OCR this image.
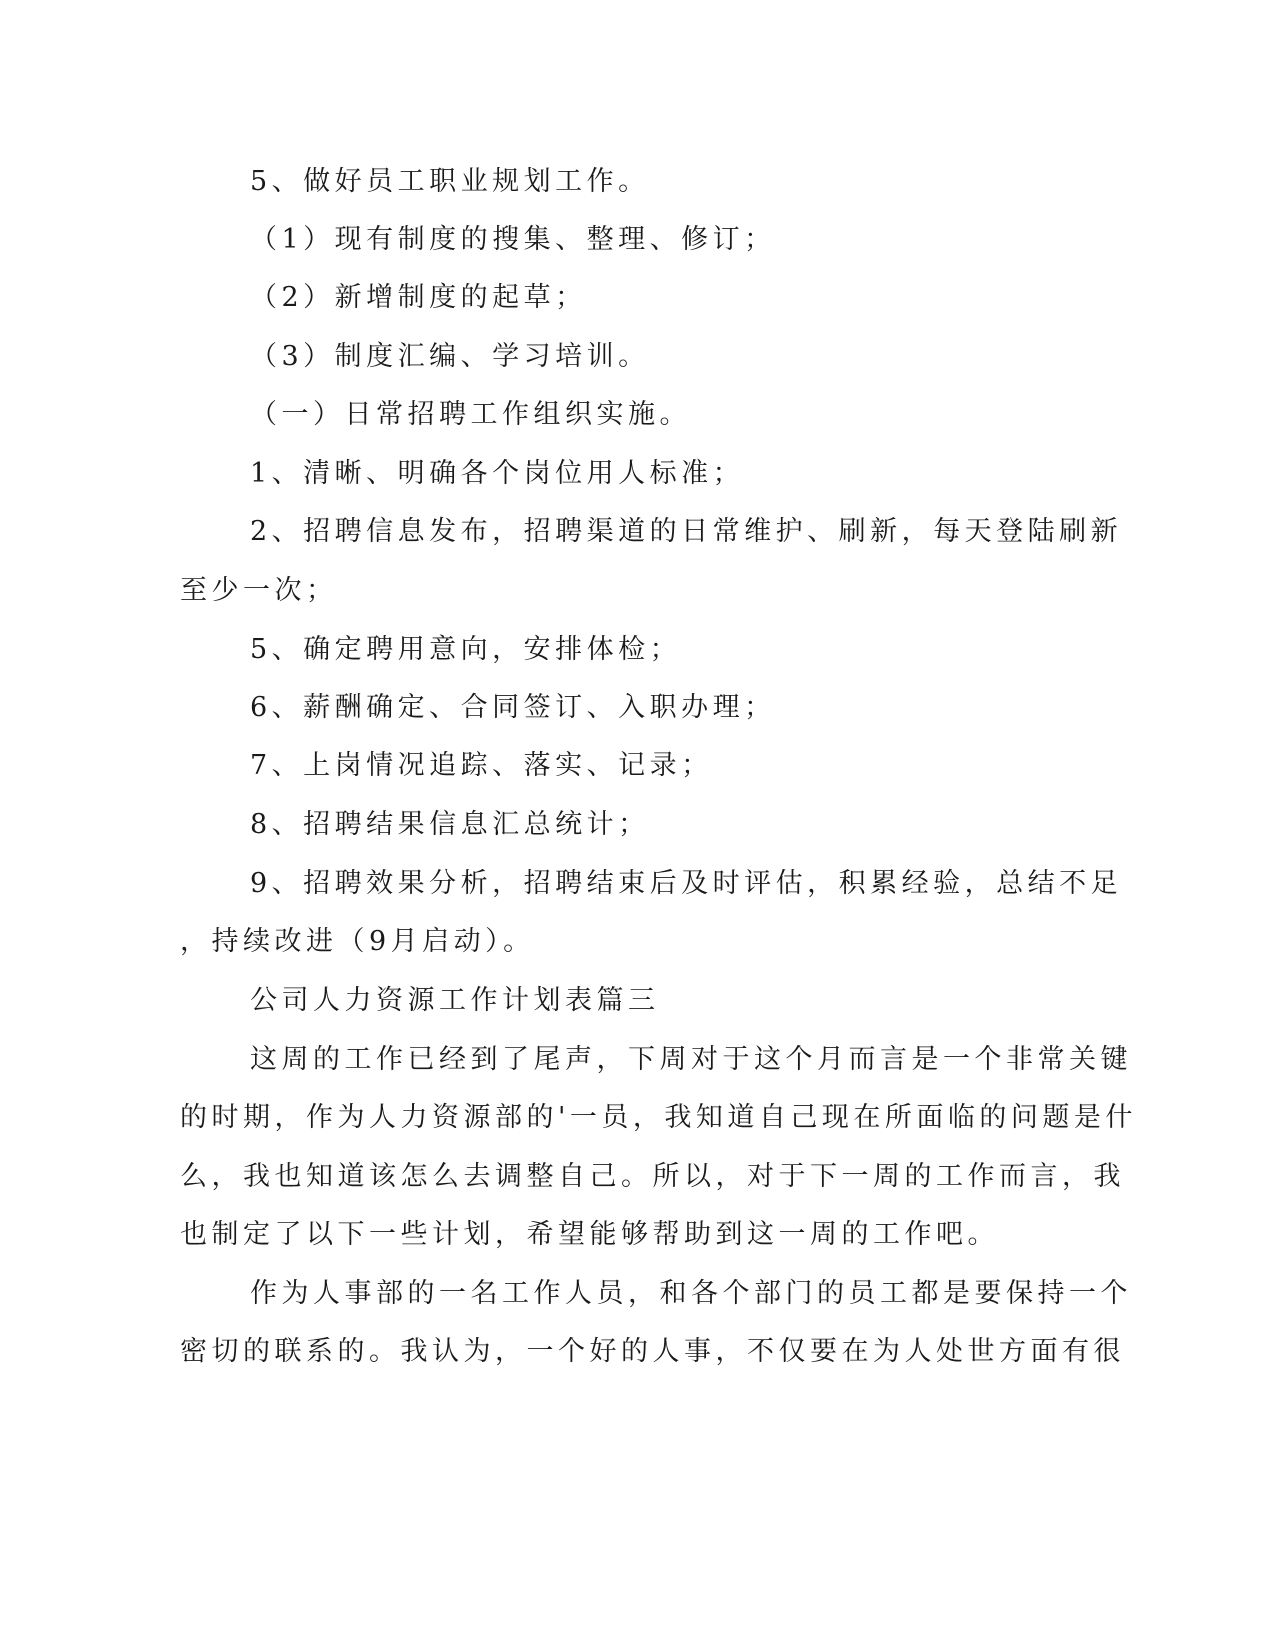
5、做好员工职业规划工作。
（1）现有制度的搜集、整理、修订；
（2）新增制度的起草；
（3）制度汇编、学习培训。
（一）日常招聘工作组织实施。
1、清晰、明确各个岗位用人标准；
2、招聘信息发布，招聘渠道的日常维护、刷新，每天登陆刷新
至少一次；
5、确定聘用意向，安排体检；
6、薪酬确定、合同签订、入职办理；
7、上岗情况追踪、落实、记录；
8、招聘结果信息汇总统计；
9、招聘效果分析，招聘结束后及时评估，积累经验，总结不足
，持续改进（9月启动）。
公司人力资源工作计划表篇三
这周的工作已经到了尾声，下周对于这个月而言是一个非常关键
的时期，作为人力资源部的'一员，我知道自己现在所面临的问题是什
么，我也知道该怎么去调整自己。所以，对于下一周的工作而言，我
也制定了以下一些计划，希望能够帮助到这一周的工作吧。
作为人事部的一名工作人员，和各个部门的员工都是要保持一个
密切的联系的。我认为，一个好的人事，不仅要在为人处世方面有很
